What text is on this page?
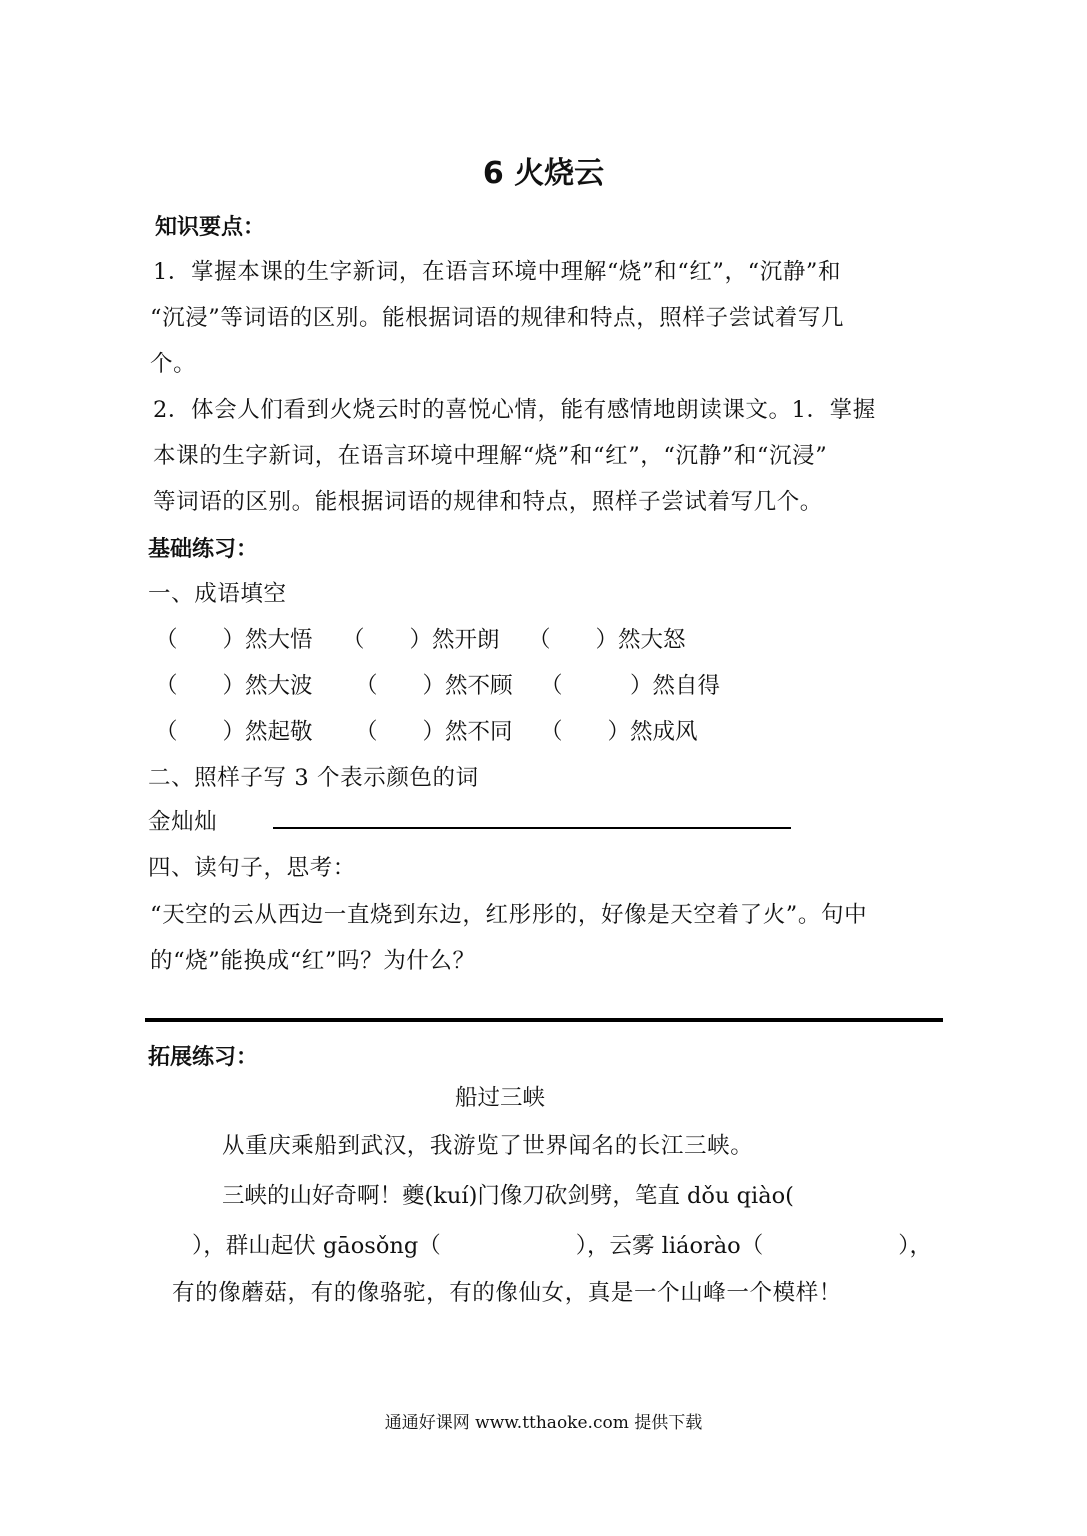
6 火烧云
知识要点：
1．掌握本课的生字新词，在语言环境中理解“烧”和“红”，“沉静”和
“沉浸”等词语的区别。能根据词语的规律和特点，照样子尝试着写几
个。
2．体会人们看到火烧云时的喜悦心情，能有感情地朗读课文。1．掌握
本课的生字新词，在语言环境中理解“烧”和“红”，“沉静”和“沉浸”
等词语的区别。能根据词语的规律和特点，照样子尝试着写几个。
基础练习：
一、成语填空
（　　）然大悟 （　　）然开朗 （　　）然大怒
（　　）然大波 （　　）然不顾 （　　　）然自得
（　　）然起敬 （　　）然不同 （　　）然成风
二、照样子写 3 个表示颜色的词
金灿灿
四、读句子，思考：
“天空的云从西边一直烧到东边，红彤彤的，好像是天空着了火”。句中
的“烧”能换成“红”吗？为什么？
拓展练习：
船过三峡
从重庆乘船到武汉，我游览了世界闻名的长江三峡。
三峡的山好奇啊！夔(kuí)门像刀砍剑劈，笔直 dǒu qiào(
），群山起伏 gāosǒng（　　　　　　），云雾 liáorào（　　　　　　），
有的像蘑菇，有的像骆驼，有的像仙女，真是一个山峰一个模样！
通通好课网 www.tthaoke.com 提供下载
